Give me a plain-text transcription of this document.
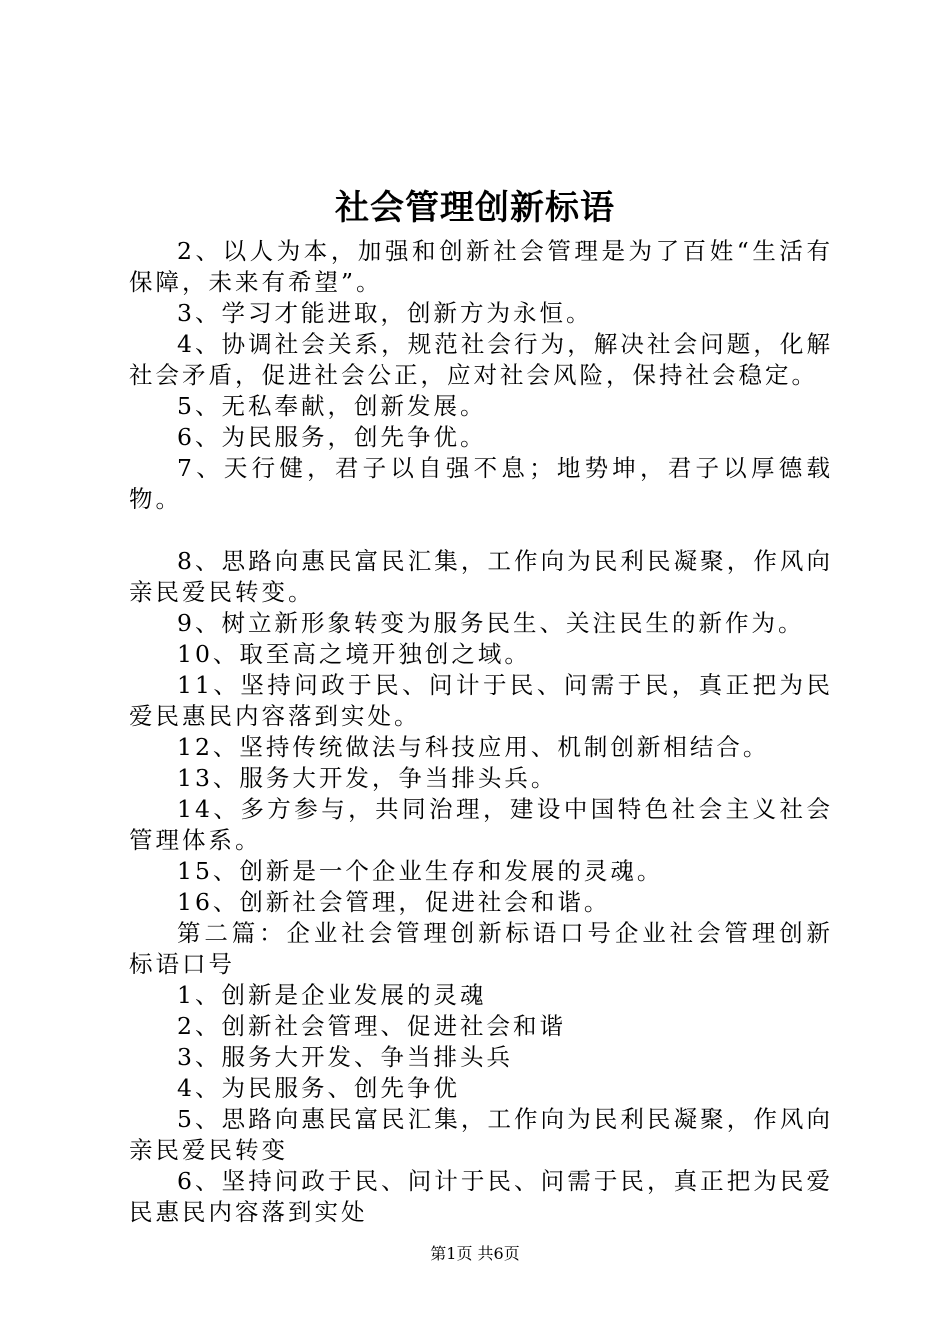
社会管理创新标语

2、以人为本，加强和创新社会管理是为了百姓“生活有保障，未来有希望”。

3、学习才能进取，创新方为永恒。

4、协调社会关系，规范社会行为，解决社会问题，化解社会矛盾，促进社会公正，应对社会风险，保持社会稳定。

5、无私奉献，创新发展。

6、为民服务，创先争优。

7、天行健，君子以自强不息；地势坤，君子以厚德载物。

8、思路向惠民富民汇集，工作向为民利民凝聚，作风向亲民爱民转变。

9、树立新形象转变为服务民生、关注民生的新作为。

10、取至高之境开独创之域。

11、坚持问政于民、问计于民、问需于民，真正把为民爱民惠民内容落到实处。

12、坚持传统做法与科技应用、机制创新相结合。

13、服务大开发，争当排头兵。

14、多方参与，共同治理，建设中国特色社会主义社会管理体系。

15、创新是一个企业生存和发展的灵魂。

16、创新社会管理，促进社会和谐。

第二篇：企业社会管理创新标语口号企业社会管理创新标语口号

1、创新是企业发展的灵魂

2、创新社会管理、促进社会和谐

3、服务大开发、争当排头兵

4、为民服务、创先争优

5、思路向惠民富民汇集，工作向为民利民凝聚，作风向亲民爱民转变

6、坚持问政于民、问计于民、问需于民，真正把为民爱民惠民内容落到实处

第1页 共6页
